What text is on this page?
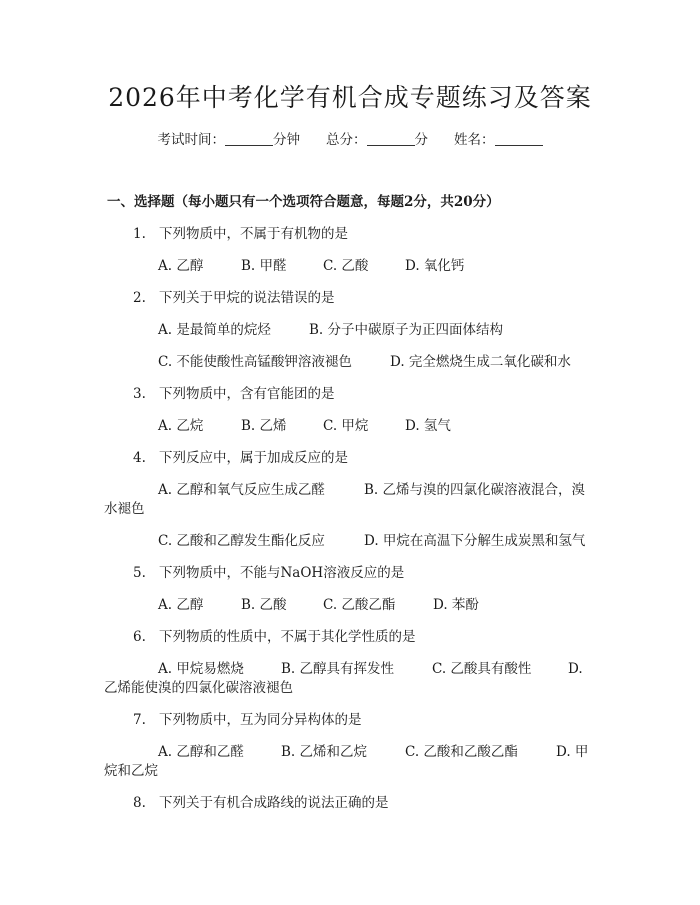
2026年中考化学有机合成专题练习及答案
考试时间：	分钟 总分：	分 姓名：
一、选择题（每小题只有一个选项符合题意，每题2分，共20分）
1. 下列物质中，不属于有机物的是
A. 乙醇	B. 甲醛	C. 乙酸	D. 氧化钙
2. 下列关于甲烷的说法错误的是
A. 是最简单的烷烃	B. 分子中碳原子为正四面体结构
C. 不能使酸性高锰酸钾溶液褪色	D. 完全燃烧生成二氧化碳和水
3. 下列物质中，含有官能团的是
A. 乙烷	B. 乙烯	C. 甲烷	D. 氢气
4. 下列反应中，属于加成反应的是
A. 乙醇和氧气反应生成乙醛	B. 乙烯与溴的四氯化碳溶液混合，溴
水褪色
C. 乙酸和乙醇发生酯化反应	D. 甲烷在高温下分解生成炭黑和氢气
5. 下列物质中，不能与NaOH溶液反应的是
A. 乙醇	B. 乙酸	C. 乙酸乙酯	D. 苯酚
6. 下列物质的性质中，不属于其化学性质的是
A. 甲烷易燃烧	B. 乙醇具有挥发性	C. 乙酸具有酸性	D.
乙烯能使溴的四氯化碳溶液褪色
7. 下列物质中，互为同分异构体的是
A. 乙醇和乙醛	B. 乙烯和乙烷	C. 乙酸和乙酸乙酯	D. 甲
烷和乙烷
8. 下列关于有机合成路线的说法正确的是
